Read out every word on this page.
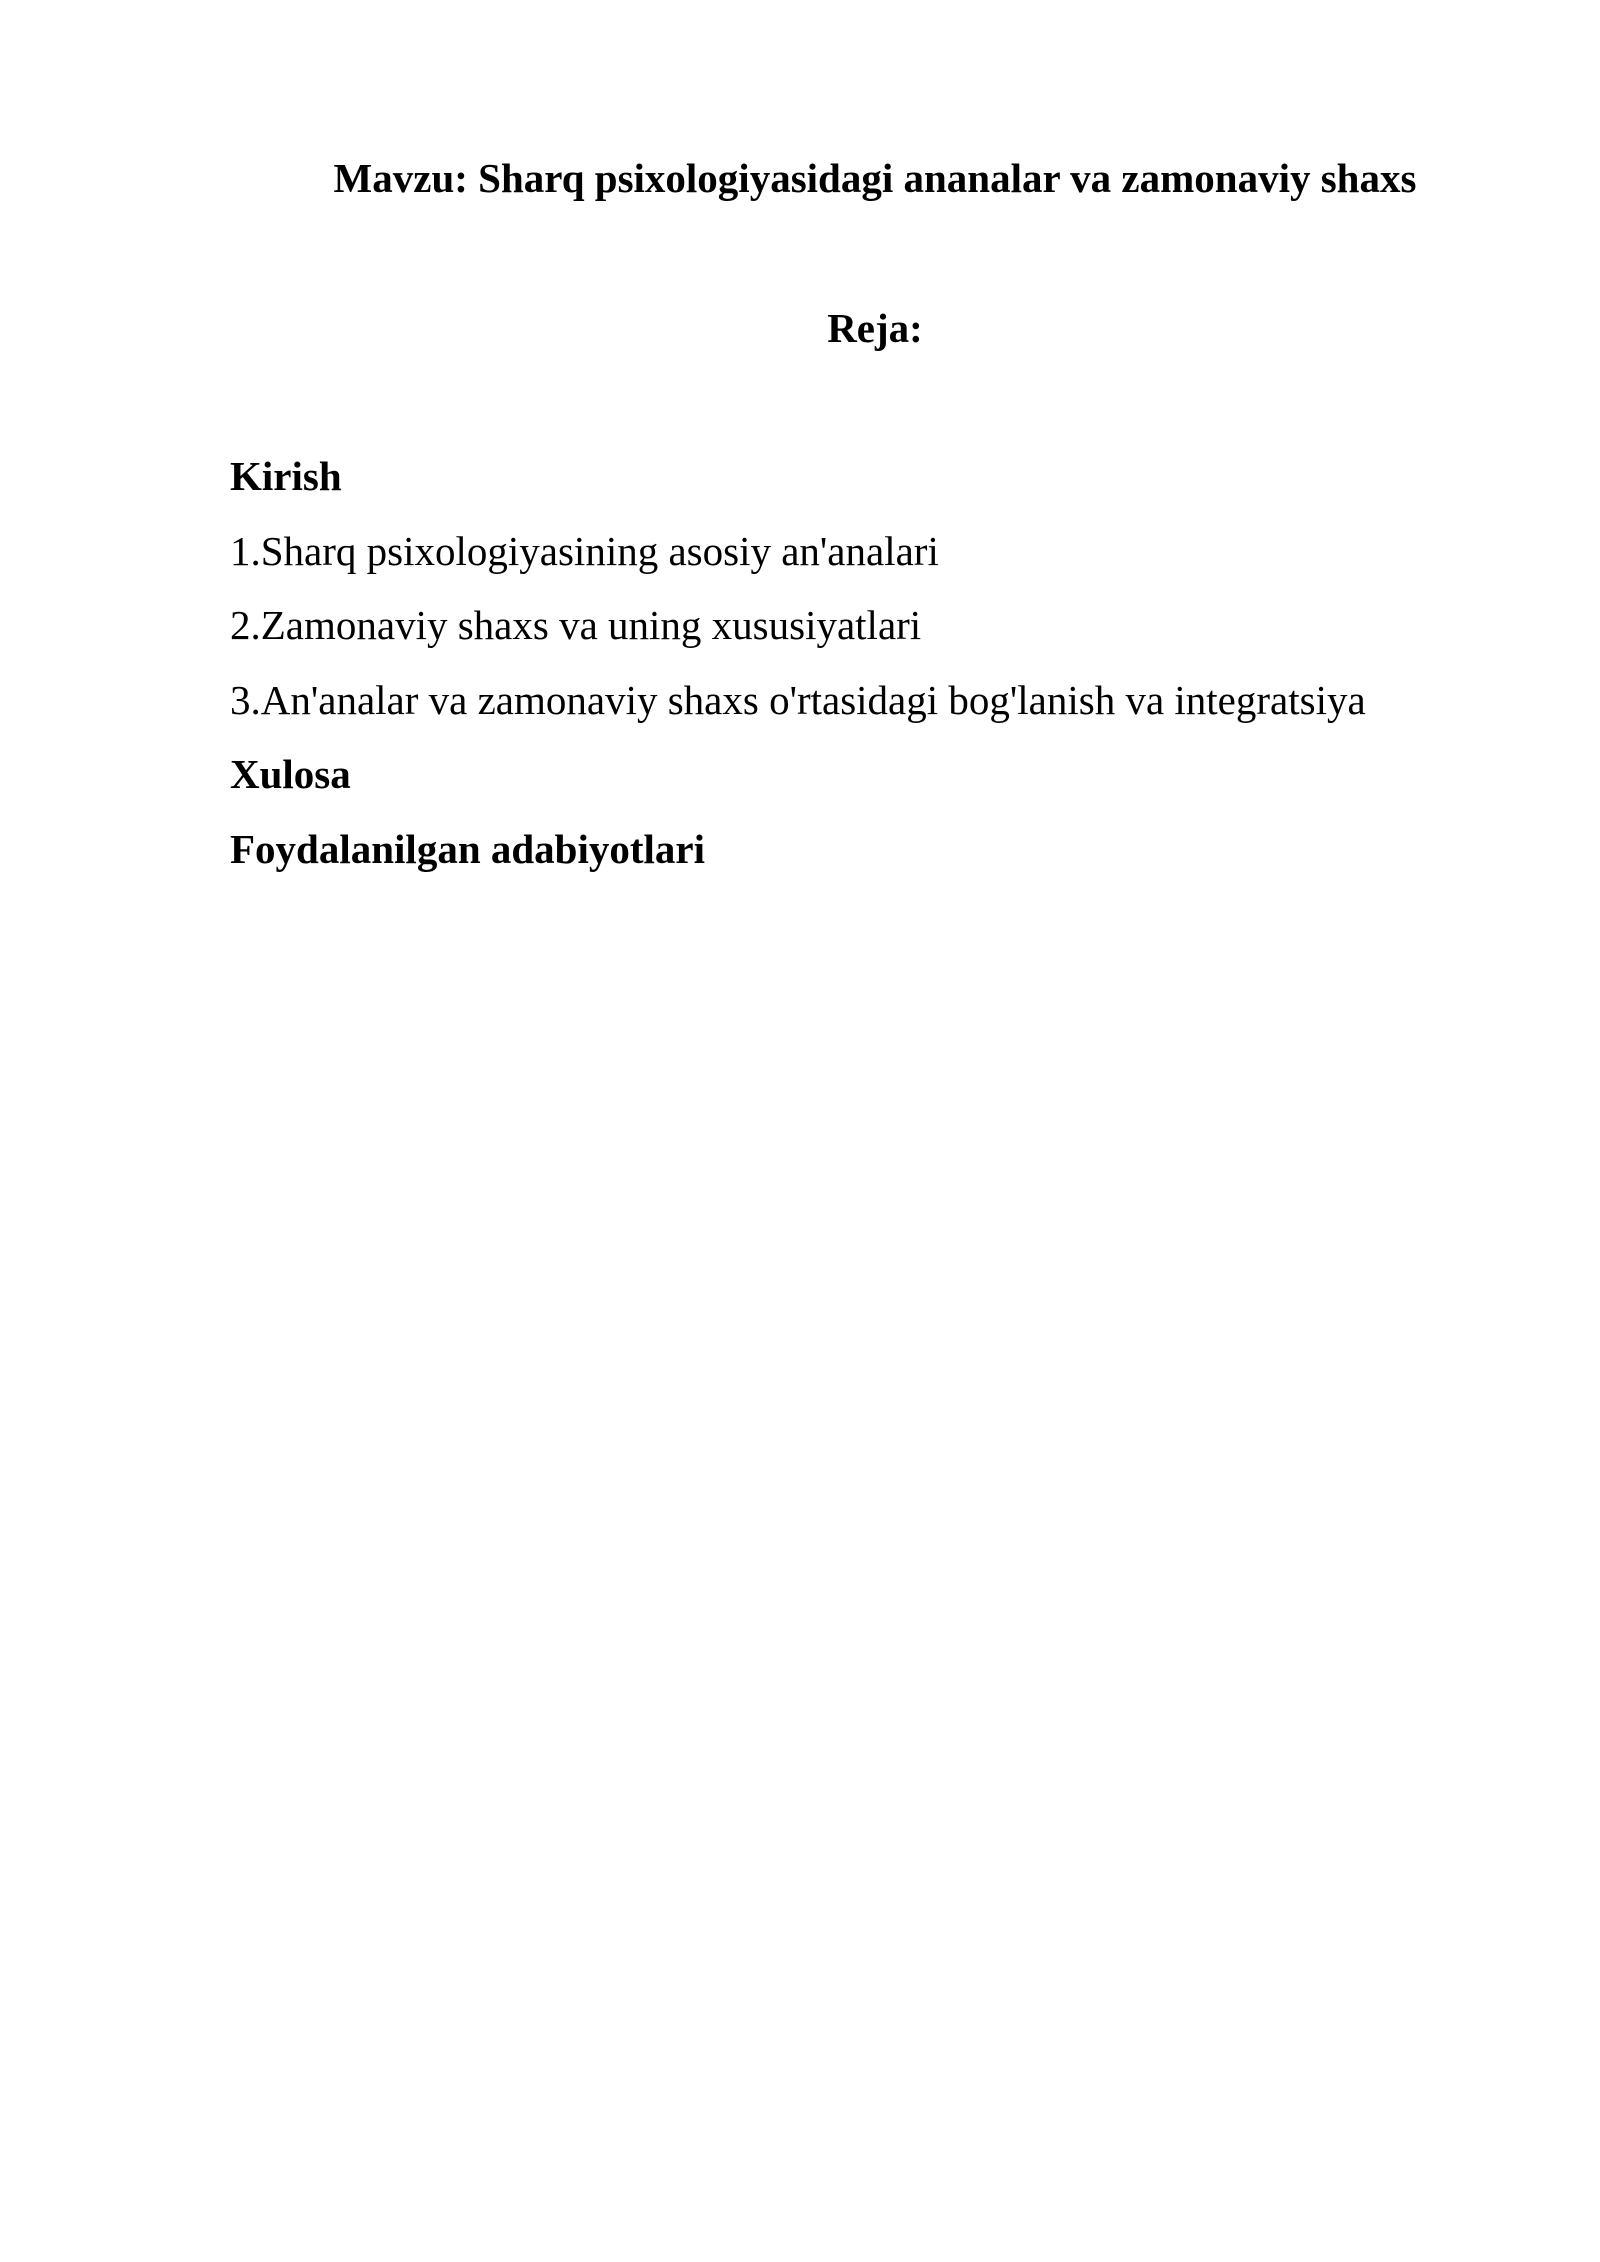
Mavzu: Sharq psixologiyasidagi ananalar va zamonaviy shaxs
Reja:
Kirish
1.Sharq psixologiyasining asosiy an'analari
2.Zamonaviy shaxs va uning xususiyatlari
3.An'analar va zamonaviy shaxs o'rtasidagi bog'lanish va integratsiya
Xulosa
Foydalanilgan adabiyotlari
